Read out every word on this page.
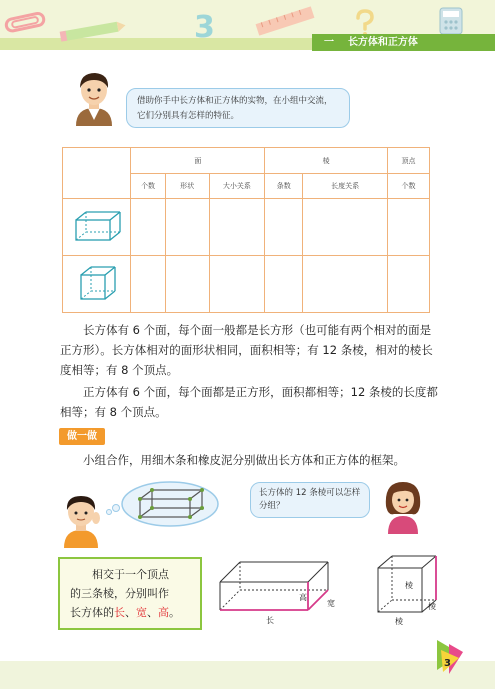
3	一 长方体和正方体
借助你手中长方体和正方体的实物，在小组中交流，它们分别具有怎样的特征。
	面			棱		顶点
	个数	形状	大小关系	条数	长度关系	个数

长方体有 6 个面，每个面一般都是长方形（也可能有两个相对的面是正方形）。长方体相对的面形状相同，面积相等；有 12 条棱，相对的棱长度相等；有 8 个顶点。
正方体有 6 个面，每个面都是正方形，面积都相等；12 条棱的长度都相等；有 8 个顶点。
做一做
小组合作，用细木条和橡皮泥分别做出长方体和正方体的框架。
长方体的 12 条棱可以怎样分组？
相交于一个顶点
的三条棱，分别叫作
长方体的长、宽、高。
长
高
宽
棱
棱
棱
3
